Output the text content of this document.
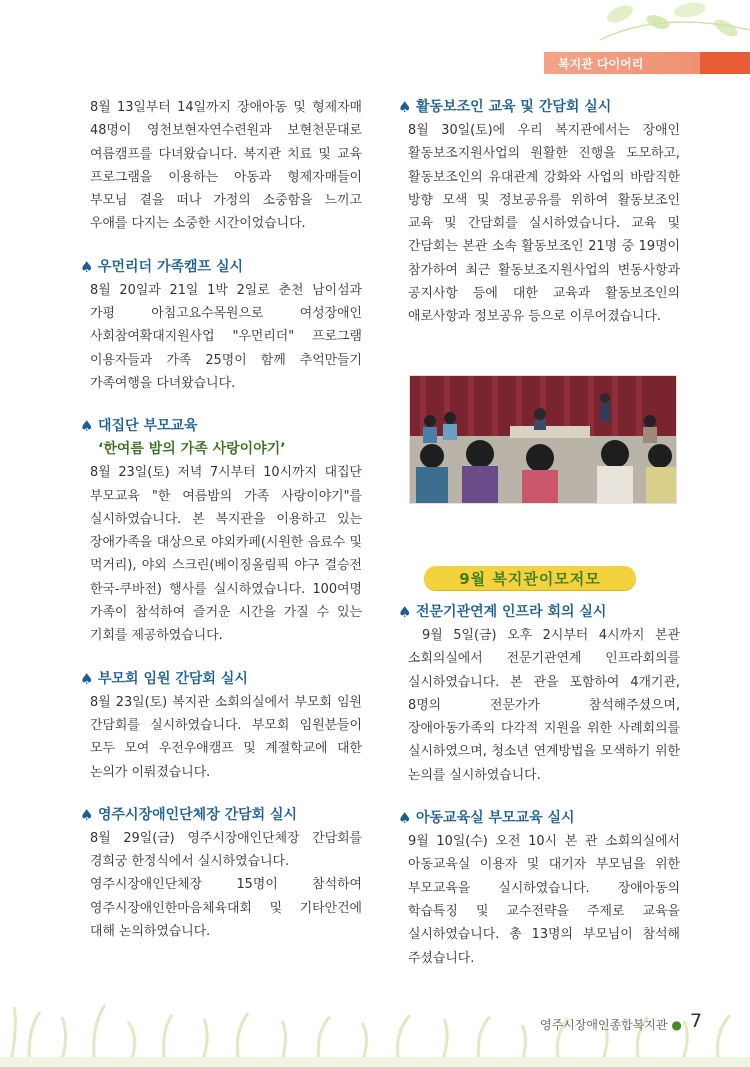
복지관 다이어리

8월 13일부터 14일까지 장애아동 및 형제자매 48명이 영천보현자연수련원과 보현천문대로 여름캠프를 다녀왔습니다. 복지관 치료 및 교육 프로그램을 이용하는 아동과 형제자매들이 부모님 곁을 떠나 가정의 소중함을 느끼고 우애를 다지는 소중한 시간이었습니다.

♠ 우먼리더 가족캠프 실시

8월 20일과 21일 1박 2일로 춘천 남이섬과 가평 아침고요수목원으로 여성장애인 사회참여확대지원사업 "우먼리더" 프로그램 이용자들과 가족 25명이 함께 추억만들기 가족여행을 다녀왔습니다.

♠ 대집단 부모교육

‘한여름 밤의 가족 사랑이야기’

8월 23일(토) 저녁 7시부터 10시까지 대집단 부모교육 "한 여름밤의 가족 사랑이야기"를 실시하였습니다. 본 복지관을 이용하고 있는 장애가족을 대상으로 야외카페(시원한 음료수 및 먹거리), 야외 스크린(베이징올림픽 야구 결승전 한국-쿠바전) 행사를 실시하였습니다. 100여명 가족이 참석하여 즐거운 시간을 가질 수 있는 기회를 제공하였습니다.

♠ 부모회 임원 간담회 실시

8월 23일(토) 복지관 소회의실에서 부모회 임원 간담회를 실시하였습니다. 부모회 임원분들이 모두 모여 우전우애캠프 및 계절학교에 대한 논의가 이뤄졌습니다.

♠ 영주시장애인단체장 간담회 실시

8월 29일(금) 영주시장애인단체장 간담회를 경희궁 한정식에서 실시하였습니다.

영주시장애인단체장 15명이 참석하여 영주시장애인한마음체육대회 및 기타안건에 대해 논의하였습니다.

♠ 활동보조인 교육 및 간담회 실시

8월 30일(토)에 우리 복지관에서는 장애인 활동보조지원사업의 원활한 진행을 도모하고, 활동보조인의 유대관계 강화와 사업의 바람직한 방향 모색 및 정보공유를 위하여 활동보조인 교육 및 간담회를 실시하였습니다. 교육 및 간담회는 본관 소속 활동보조인 21명 중 19명이 참가하여 최근 활동보조지원사업의 변동사항과 공지사항 등에 대한 교육과 활동보조인의 애로사항과 정보공유 등으로 이루어졌습니다.

9월 복지관이모저모

♠ 전문기관연계 인프라 회의 실시

9월 5일(금) 오후 2시부터 4시까지 본관 소회의실에서 전문기관연계 인프라회의를 실시하였습니다. 본 관을 포함하여 4개기관, 8명의 전문가가 참석해주셨으며, 장애아동가족의 다각적 지원을 위한 사례회의를 실시하였으며, 청소년 연계방법을 모색하기 위한 논의를 실시하였습니다.

♠ 아동교육실 부모교육 실시

9월 10일(수) 오전 10시 본 관 소회의실에서 아동교육실 이용자 및 대기자 부모님을 위한 부모교육을 실시하였습니다. 장애아동의 학습특징 및 교수전략을 주제로 교육을 실시하였습니다. 총 13명의 부모님이 참석해 주셨습니다.

영주시장애인종합복지관 ● 7
